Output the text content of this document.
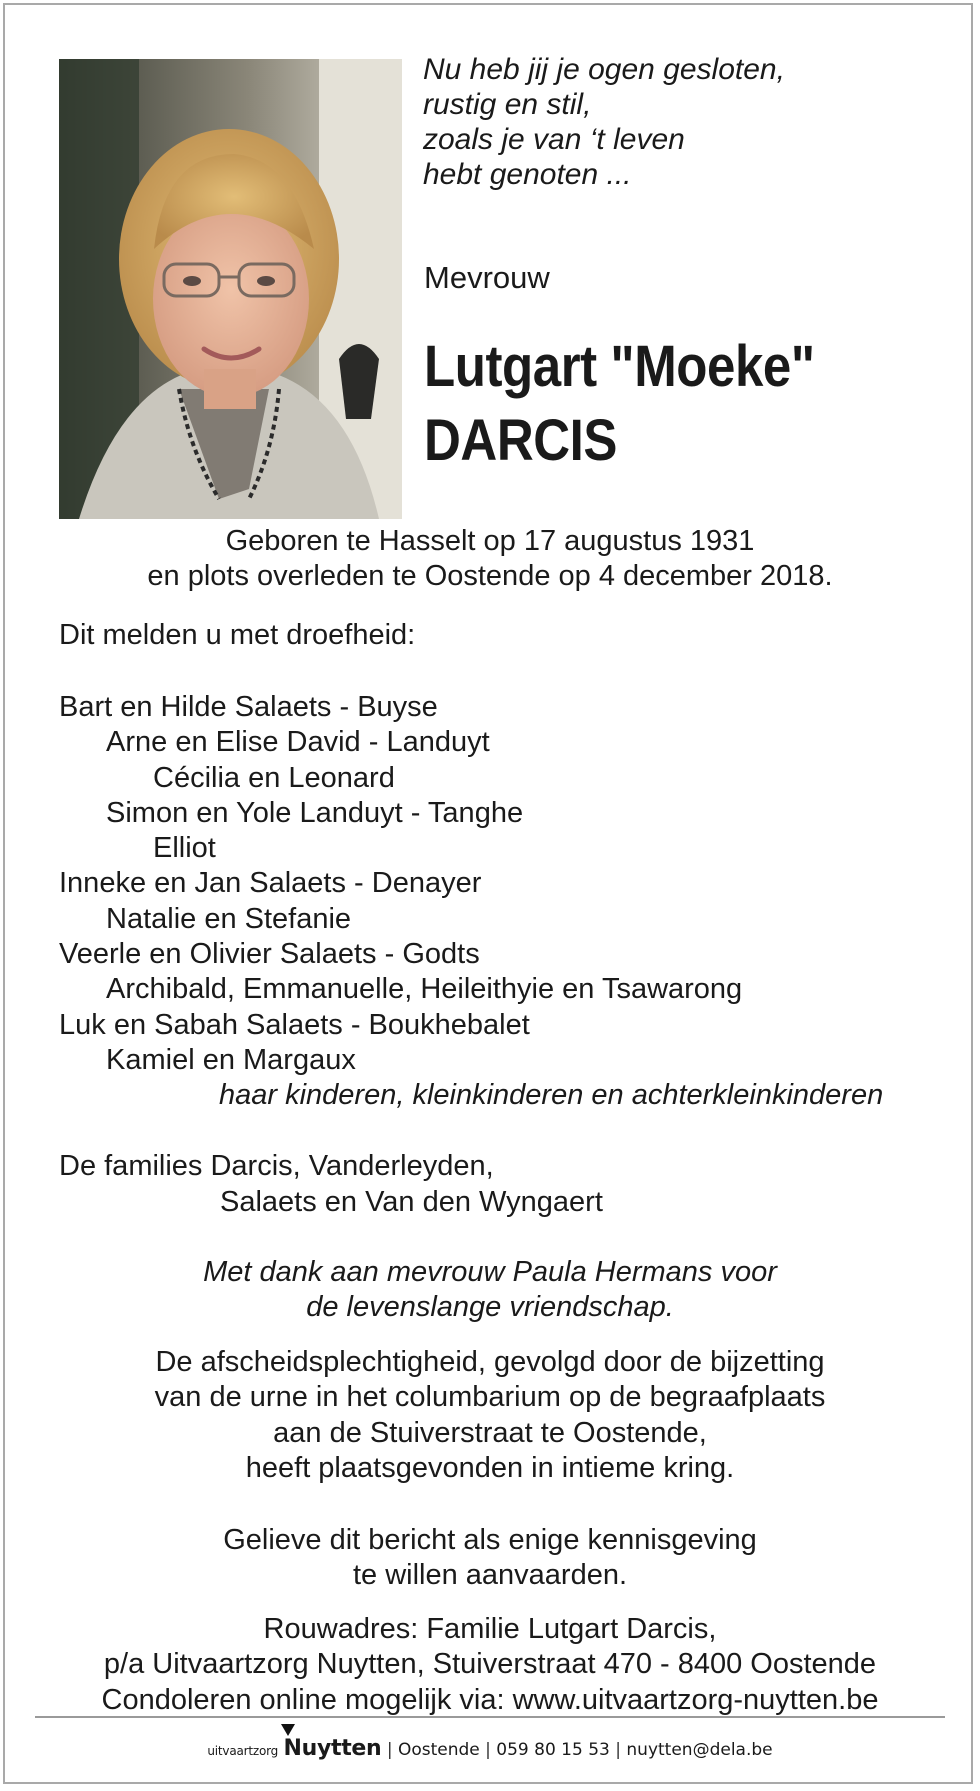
Nu heb jij je ogen gesloten,
rustig en stil,
zoals je van ‘t leven
hebt genoten ...
Mevrouw
Lutgart "Moeke"
DARCIS
Geboren te Hasselt op 17 augustus 1931
en plots overleden te Oostende op 4 december 2018.
Dit melden u met droefheid:
Bart en Hilde Salaets - Buyse
Arne en Elise David - Landuyt
Cécilia en Leonard
Simon en Yole Landuyt - Tanghe
Elliot
Inneke en Jan Salaets - Denayer
Natalie en Stefanie
Veerle en Olivier Salaets - Godts
Archibald, Emmanuelle, Heileithyie en Tsawarong
Luk en Sabah Salaets - Boukhebalet
Kamiel en Margaux
haar kinderen, kleinkinderen en achterkleinkinderen
De families Darcis, Vanderleyden,
Salaets en Van den Wyngaert
Met dank aan mevrouw Paula Hermans voor
de levenslange vriendschap.
De afscheidsplechtigheid, gevolgd door de bijzetting
van de urne in het columbarium op de begraafplaats
aan de Stuiverstraat te Oostende,
heeft plaatsgevonden in intieme kring.
Gelieve dit bericht als enige kennisgeving
te willen aanvaarden.
Rouwadres: Familie Lutgart Darcis,
p/a Uitvaartzorg Nuytten, Stuiverstraat 470 - 8400 Oostende
Condoleren online mogelijk via: www.uitvaartzorg-nuytten.be
uitvaartzorg Nuytten | Oostende | 059 80 15 53 | nuytten@dela.be
